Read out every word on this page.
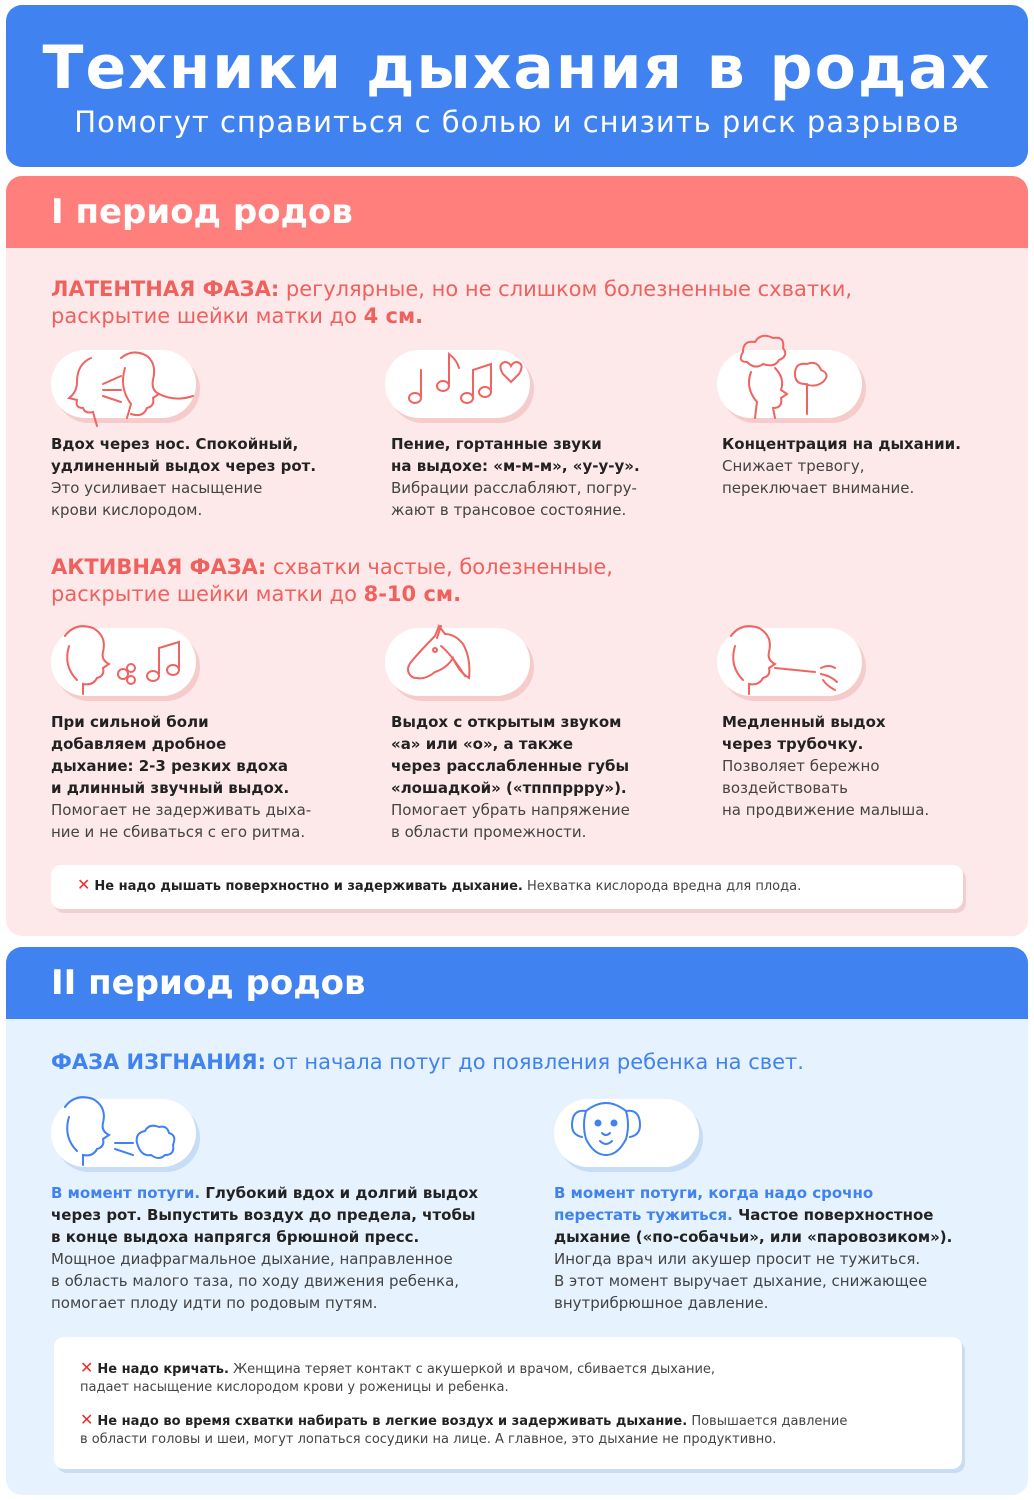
Техники дыхания в родах
Помогут справиться с болью и снизить риск разрывов
I период родов
ЛАТЕНТНАЯ ФАЗА: регулярные, но не слишком болезненные схватки,
раскрытие шейки матки до 4 см.
Вдох через нос. Спокойный,
удлиненный выдох через рот.
Это усиливает насыщение
крови кислородом.
Пение, гортанные звуки
на выдохе: «м-м-м», «у-у-у».
Вибрации расслабляют, погру-
жают в трансовое состояние.
Концентрация на дыхании.
Снижает тревогу,
переключает внимание.
АКТИВНАЯ ФАЗА: схватки частые, болезненные,
раскрытие шейки матки до 8-10 см.
При сильной боли
добавляем дробное
дыхание: 2-3 резких вдоха
и длинный звучный выдох.
Помогает не задерживать дыха-
ние и не сбиваться с его ритма.
Выдох с открытым звуком
«а» или «о», а также
через расслабленные губы
«лошадкой» («тпппррру»).
Помогает убрать напряжение
в области промежности.
Медленный выдох
через трубочку.
Позволяет бережно
воздействовать
на продвижение малыша.
✕ Не надо дышать поверхностно и задерживать дыхание. Нехватка кислорода вредна для плода.
II период родов
ФАЗА ИЗГНАНИЯ: от начала потуг до появления ребенка на свет.
В момент потуги. Глубокий вдох и долгий выдох
через рот. Выпустить воздух до предела, чтобы
в конце выдоха напрягся брюшной пресс.
Мощное диафрагмальное дыхание, направленное
в область малого таза, по ходу движения ребенка,
помогает плоду идти по родовым путям.
В момент потуги, когда надо срочно
перестать тужиться. Частое поверхностное
дыхание («по-собачьи», или «паровозиком»).
Иногда врач или акушер просит не тужиться.
В этот момент выручает дыхание, снижающее
внутрибрюшное давление.
✕ Не надо кричать. Женщина теряет контакт с акушеркой и врачом, сбивается дыхание,
падает насыщение кислородом крови у роженицы и ребенка.
✕ Не надо во время схватки набирать в легкие воздух и задерживать дыхание. Повышается давление
в области головы и шеи, могут лопаться сосудики на лице. А главное, это дыхание не продуктивно.
